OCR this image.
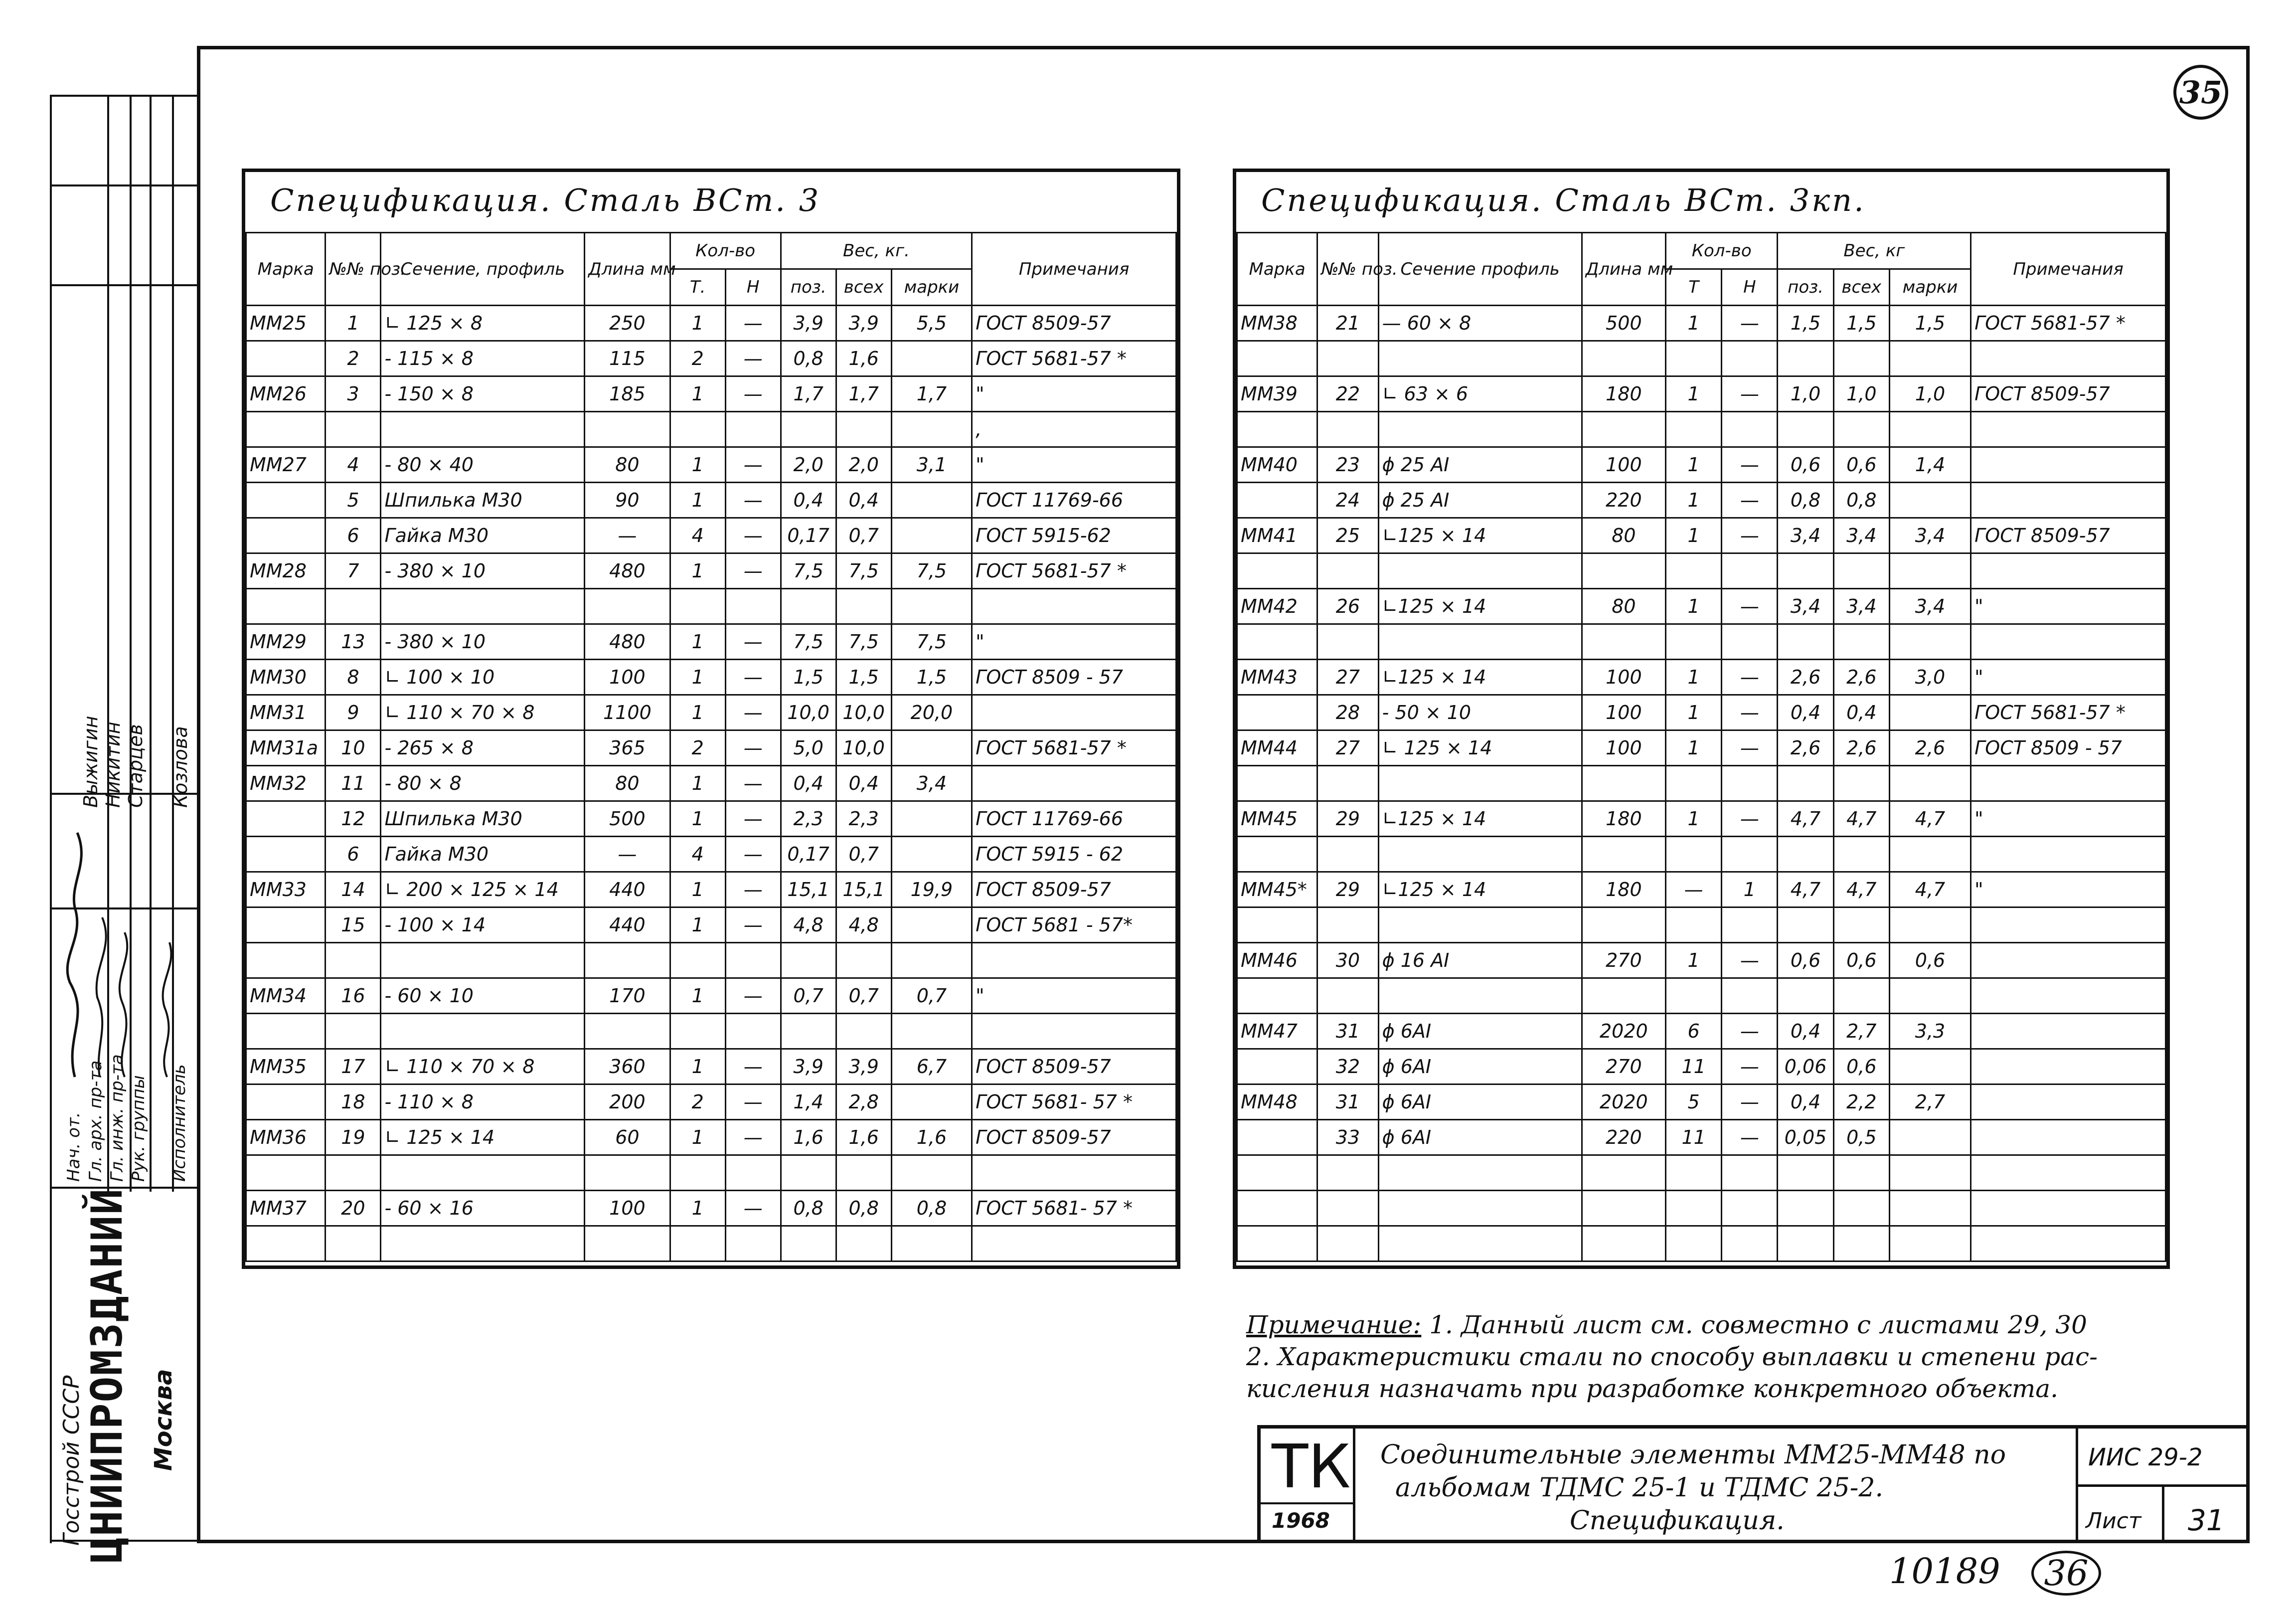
35
Госстрой СССР
ЦНИИПРОМЗДАНИЙ Москва
Нач. от. Гл. арх. пр-та Гл. инж. пр-та Рук. группы Исполнитель
Выжигин Никитин Старцев Козлова
Спецификация. Сталь ВСт. 3
Марка	№№ поз.	Сечение, профиль	Длина мм	Кол-во		Вес, кг.			Примечания
				Т.	Н	поз.	всех	марки	
ММ25	1	∟ 125 × 8	250	1	—	3,9	3,9	5,5	ГОСТ 8509-57
	2	- 115 × 8	115	2	—	0,8	1,6		ГОСТ 5681-57 *
ММ26	3	- 150 × 8	185	1	—	1,7	1,7	1,7	"
									,
ММ27	4	- 80 × 40	80	1	—	2,0	2,0	3,1	"
	5	Шпилька М30	90	1	—	0,4	0,4		ГОСТ 11769-66
	6	Гайка М30	—	4	—	0,17	0,7		ГОСТ 5915-62
ММ28	7	- 380 × 10	480	1	—	7,5	7,5	7,5	ГОСТ 5681-57 *

ММ29	13	- 380 × 10	480	1	—	7,5	7,5	7,5	"
ММ30	8	∟ 100 × 10	100	1	—	1,5	1,5	1,5	ГОСТ 8509 - 57
ММ31	9	∟ 110 × 70 × 8	1100	1	—	10,0	10,0	20,0	
ММ31а	10	- 265 × 8	365	2	—	5,0	10,0		ГОСТ 5681-57 *
ММ32	11	- 80 × 8	80	1	—	0,4	0,4	3,4	
	12	Шпилька М30	500	1	—	2,3	2,3		ГОСТ 11769-66
	6	Гайка М30	—	4	—	0,17	0,7		ГОСТ 5915 - 62
ММ33	14	∟ 200 × 125 × 14	440	1	—	15,1	15,1	19,9	ГОСТ 8509-57
	15	- 100 × 14	440	1	—	4,8	4,8		ГОСТ 5681 - 57*

ММ34	16	- 60 × 10	170	1	—	0,7	0,7	0,7	"

ММ35	17	∟ 110 × 70 × 8	360	1	—	3,9	3,9	6,7	ГОСТ 8509-57
	18	- 110 × 8	200	2	—	1,4	2,8		ГОСТ 5681- 57 *
ММ36	19	∟ 125 × 14	60	1	—	1,6	1,6	1,6	ГОСТ 8509-57

ММ37	20	- 60 × 16	100	1	—	0,8	0,8	0,8	ГОСТ 5681- 57 *

Спецификация. Сталь ВСт. 3кп.
Марка	№№ поз.	Сечение профиль	Длина мм	Кол-во		Вес, кг			Примечания
				Т	Н	поз.	всех	марки	
ММ38	21	— 60 × 8	500	1	—	1,5	1,5	1,5	ГОСТ 5681-57 *

ММ39	22	∟ 63 × 6	180	1	—	1,0	1,0	1,0	ГОСТ 8509-57

ММ40	23	ϕ 25 АI	100	1	—	0,6	0,6	1,4	
	24	ϕ 25 АI	220	1	—	0,8	0,8		
ММ41	25	∟125 × 14	80	1	—	3,4	3,4	3,4	ГОСТ 8509-57

ММ42	26	∟125 × 14	80	1	—	3,4	3,4	3,4	"

ММ43	27	∟125 × 14	100	1	—	2,6	2,6	3,0	"
	28	- 50 × 10	100	1	—	0,4	0,4		ГОСТ 5681-57 *
ММ44	27	∟ 125 × 14	100	1	—	2,6	2,6	2,6	ГОСТ 8509 - 57

ММ45	29	∟125 × 14	180	1	—	4,7	4,7	4,7	"

ММ45*	29	∟125 × 14	180	—	1	4,7	4,7	4,7	"

ММ46	30	ϕ 16 АI	270	1	—	0,6	0,6	0,6	

ММ47	31	ϕ 6АI	2020	6	—	0,4	2,7	3,3	
	32	ϕ 6АI	270	11	—	0,06	0,6		
ММ48	31	ϕ 6АI	2020	5	—	0,4	2,2	2,7	
	33	ϕ 6АI	220	11	—	0,05	0,5		

Примечание: 1. Данный лист см. совместно с листами 29, 30
2. Характеристики стали по способу выплавки и степени рас-
кисления назначать при разработке конкретного объекта.
ТК
1968
Соединительные элементы ММ25-ММ48 по
альбомам ТДМС 25-1 и ТДМС 25-2.
Спецификация.
ИИС 29-2
Лист 31
10189	36
